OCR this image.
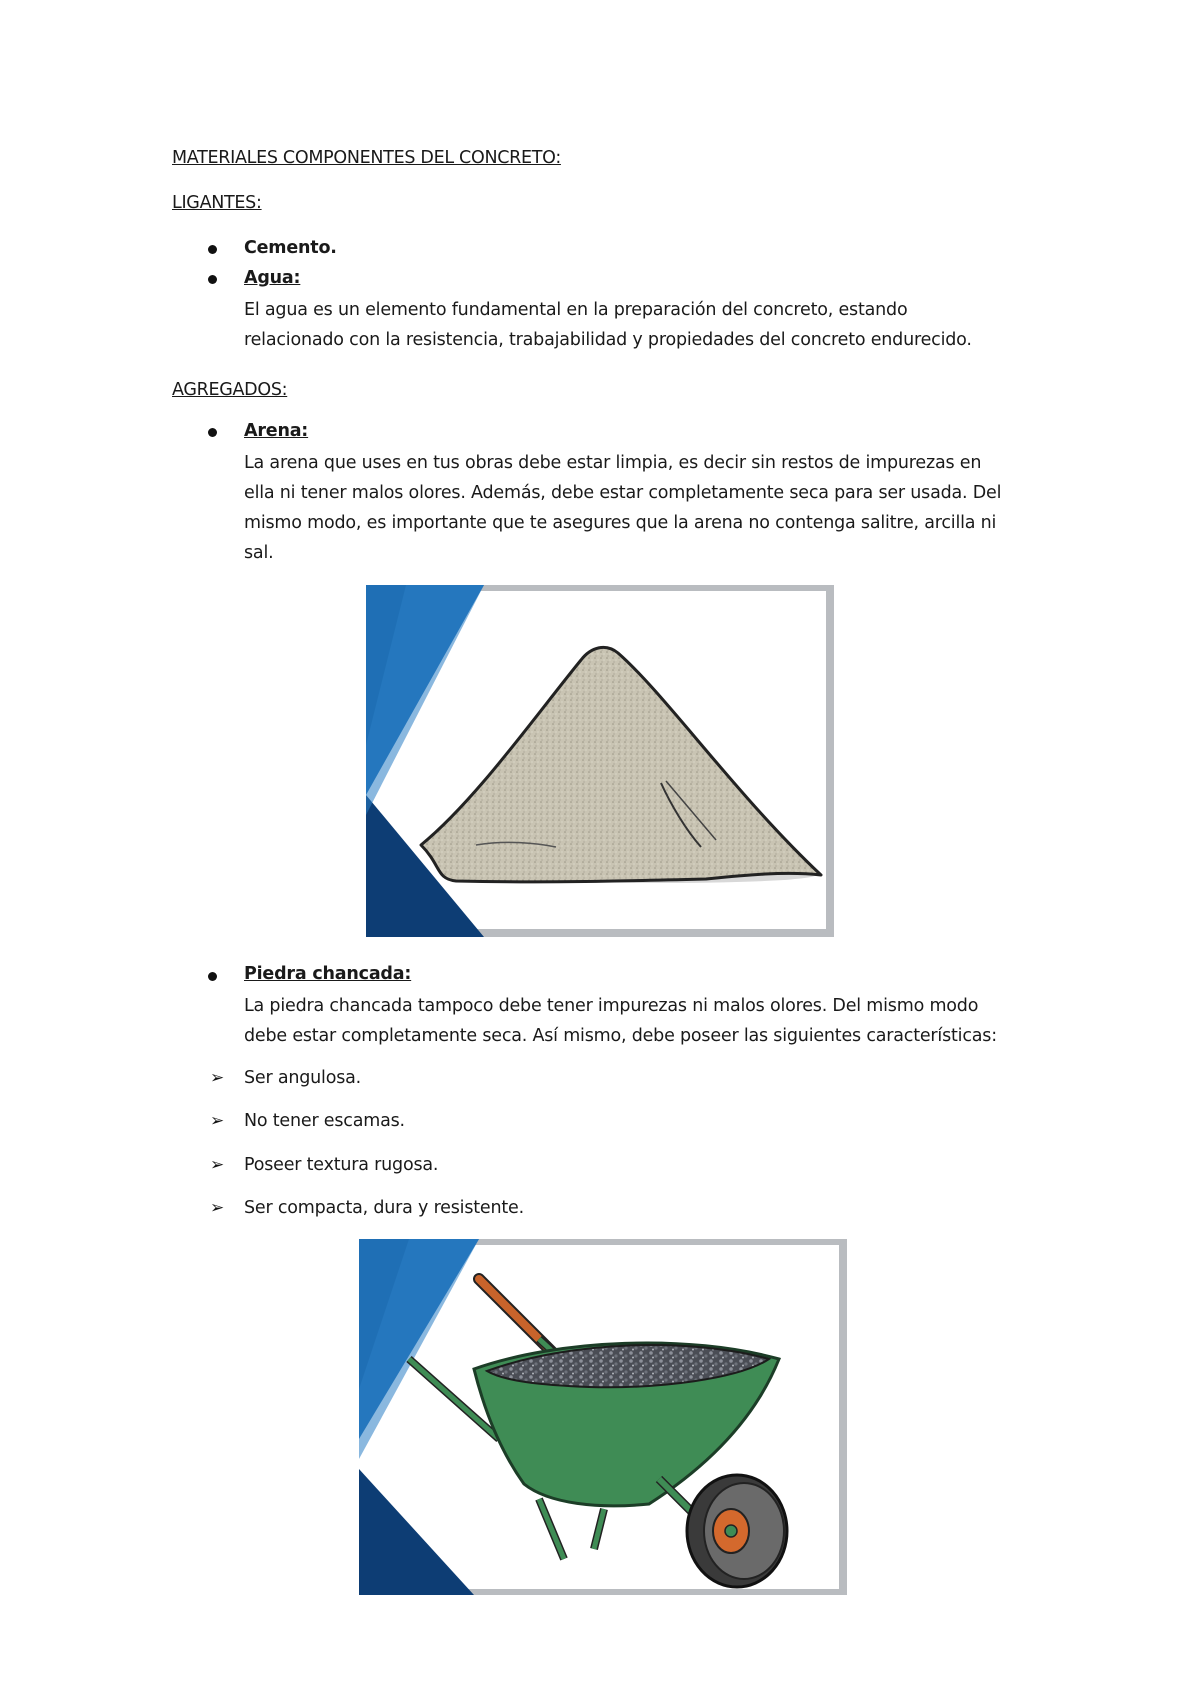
MATERIALES COMPONENTES DEL CONCRETO:
LIGANTES:
Cemento.
Agua:

El agua es un elemento fundamental en la preparación del concreto, estando
relacionado con la resistencia, trabajabilidad y propiedades del concreto endurecido.

AGREGADOS:
Arena:

La arena que uses en tus obras debe estar limpia, es decir sin restos de impurezas en
ella ni tener malos olores. Además, debe estar completamente seca para ser usada. Del
mismo modo, es importante que te asegures que la arena no contenga salitre, arcilla ni
sal.

Piedra chancada:

La piedra chancada tampoco debe tener impurezas ni malos olores. Del mismo modo
debe estar completamente seca. Así mismo, debe poseer las siguientes características:

➢ Ser angulosa.
➢ No tener escamas.
➢ Poseer textura rugosa.
➢ Ser compacta, dura y resistente.
